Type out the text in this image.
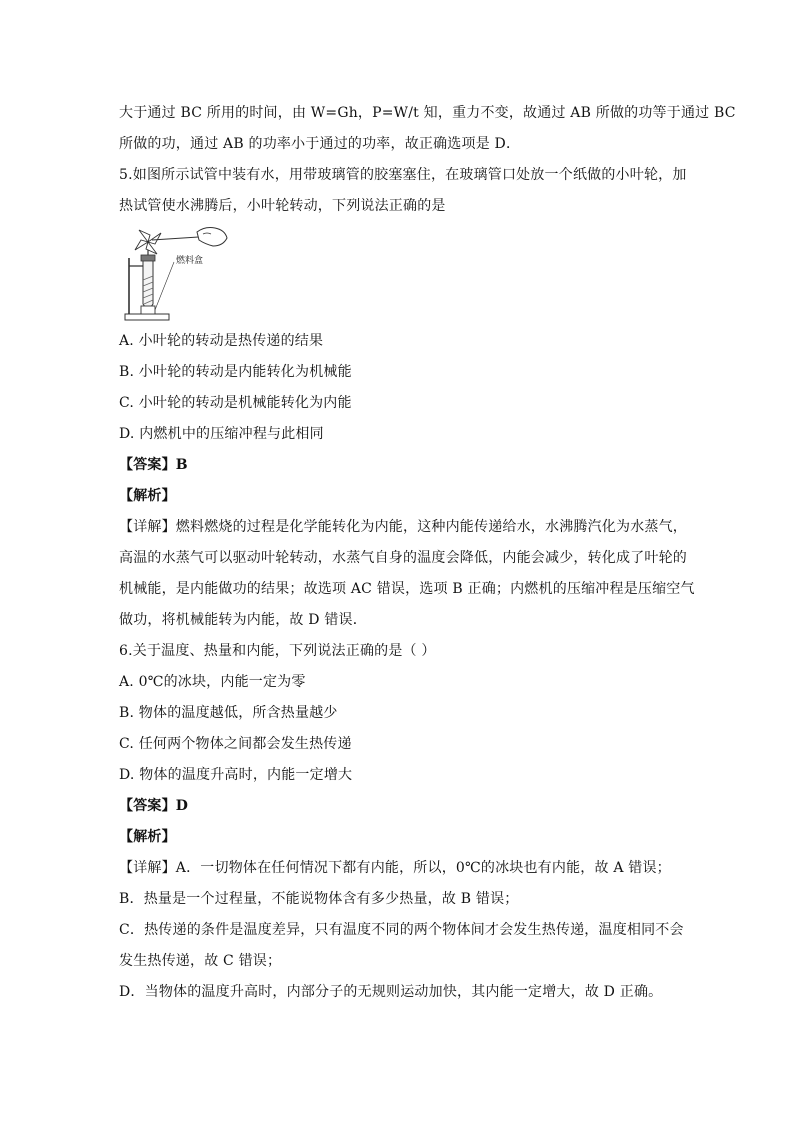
大于通过 BC 所用的时间，由 W=Gh，P=W/t 知，重力不变，故通过 AB 所做的功等于通过 BC
所做的功，通过 AB 的功率小于通过的功率，故正确选项是 D．
5.如图所示试管中装有水，用带玻璃管的胶塞塞住，在玻璃管口处放一个纸做的小叶轮，加
热试管使水沸腾后，小叶轮转动，下列说法正确的是
燃料盒
A. 小叶轮的转动是热传递的结果
B. 小叶轮的转动是内能转化为机械能
C. 小叶轮的转动是机械能转化为内能
D. 内燃机中的压缩冲程与此相同
【答案】B
【解析】
【详解】燃料燃烧的过程是化学能转化为内能，这种内能传递给水，水沸腾汽化为水蒸气，
高温的水蒸气可以驱动叶轮转动，水蒸气自身的温度会降低，内能会减少，转化成了叶轮的
机械能，是内能做功的结果；故选项 AC 错误，选项 B 正确；内燃机的压缩冲程是压缩空气
做功，将机械能转为内能，故 D 错误．
6.关于温度、热量和内能，下列说法正确的是（ ）
A. 0℃的冰块，内能一定为零
B. 物体的温度越低，所含热量越少
C. 任何两个物体之间都会发生热传递
D. 物体的温度升高时，内能一定增大
【答案】D
【解析】
【详解】A．一切物体在任何情况下都有内能，所以，0℃的冰块也有内能，故 A 错误；
B．热量是一个过程量，不能说物体含有多少热量，故 B 错误；
C．热传递的条件是温度差异，只有温度不同的两个物体间才会发生热传递，温度相同不会
发生热传递，故 C 错误；
D．当物体的温度升高时，内部分子的无规则运动加快，其内能一定增大，故 D 正确。
